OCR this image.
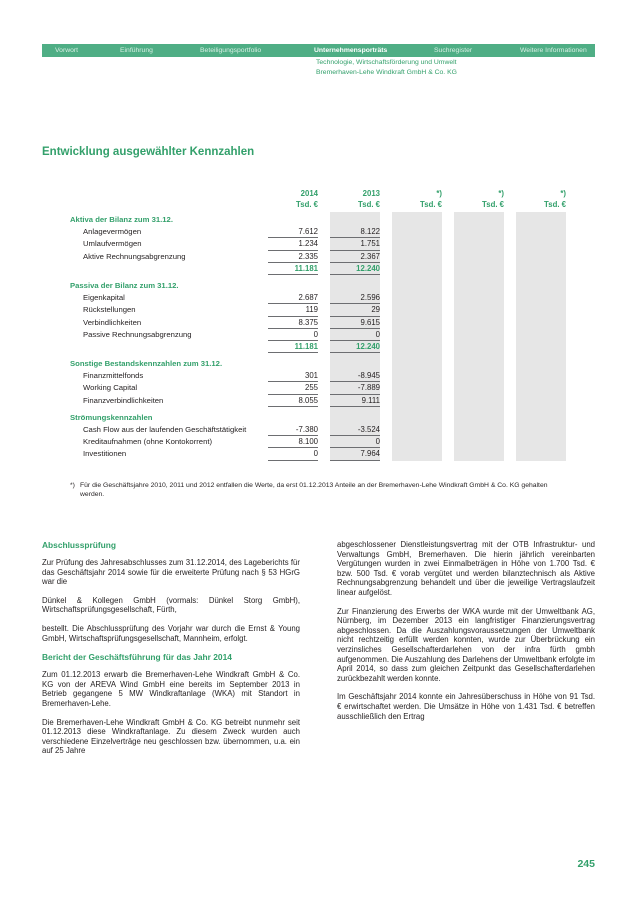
Vorwort	Einführung	Beteiligungsportfolio	Unternehmensporträts	Suchregister	Weitere Informationen
Technologie, Wirtschaftsförderung und Umwelt
Bremerhaven-Lehe Windkraft GmbH & Co. KG
Entwicklung ausgewählter Kennzahlen
2014	2013	*)	*)	*)
Tsd. €	Tsd. €	Tsd. €	Tsd. €	Tsd. €
Aktiva der Bilanz zum 31.12.
Anlagevermögen	7.612	8.122
Umlaufvermögen	1.234	1.751
Aktive Rechnungsabgrenzung	2.335	2.367
11.181	12.240
Passiva der Bilanz zum 31.12.
Eigenkapital	2.687	2.596
Rückstellungen	119	29
Verbindlichkeiten	8.375	9.615
Passive Rechnungsabgrenzung	0	0
11.181	12.240
Sonstige Bestandskennzahlen zum 31.12.
Finanzmittelfonds	301	-8.945
Working Capital	255	-7.889
Finanzverbindlichkeiten	8.055	9.111
Strömungskennzahlen
Cash Flow aus der laufenden Geschäftstätigkeit	-7.380	-3.524
Kreditaufnahmen (ohne Kontokorrent)	8.100	0
Investitionen	0	7.964
*) Für die Geschäftsjahre 2010, 2011 und 2012 entfallen die Werte, da erst 01.12.2013 Anteile an der Bremerhaven-Lehe Windkraft GmbH & Co. KG gehalten werden.
Abschlussprüfung

Zur Prüfung des Jahresabschlusses zum 31.12.2014, des Lageberichts für das Geschäftsjahr 2014 sowie für die erweiterte Prüfung nach § 53 HGrG war die

Dünkel & Kollegen GmbH (vormals: Dünkel Storg GmbH), Wirtschaftsprüfungsgesellschaft, Fürth,

bestellt. Die Abschlussprüfung des Vorjahr war durch die Ernst & Young GmbH, Wirtschaftsprüfungsgesellschaft, Mannheim, erfolgt.

Bericht der Geschäftsführung für das Jahr 2014

Zum 01.12.2013 erwarb die Bremerhaven-Lehe Windkraft GmbH & Co. KG von der AREVA Wind GmbH eine bereits im September 2013 in Betrieb gegangene 5 MW Windkraftanlage (WKA) mit Standort in Bremerhaven-Lehe.

Die Bremerhaven-Lehe Windkraft GmbH & Co. KG betreibt nunmehr seit 01.12.2013 diese Windkraftanlage. Zu diesem Zweck wurden auch verschiedene Einzelverträge neu geschlossen bzw. übernommen, u.a. ein auf 25 Jahre

abgeschlossener Dienstleistungsvertrag mit der OTB Infrastruktur- und Verwaltungs GmbH, Bremerhaven. Die hierin jährlich vereinbarten Vergütungen wurden in zwei Einmalbeträgen in Höhe von 1.700 Tsd. € bzw. 500 Tsd. € vorab vergütet und werden bilanztechnisch als Aktive Rechnungsabgrenzung behandelt und über die jeweilige Vertragslaufzeit linear aufgelöst.

Zur Finanzierung des Erwerbs der WKA wurde mit der Umweltbank AG, Nürnberg, im Dezember 2013 ein langfristiger Finanzierungsvertrag abgeschlossen. Da die Auszahlungsvoraussetzungen der Umweltbank nicht rechtzeitig erfüllt werden konnten, wurde zur Überbrückung ein verzinsliches Gesellschafterdarlehen von der infra fürth gmbh aufgenommen. Die Auszahlung des Darlehens der Umweltbank erfolgte im April 2014, so dass zum gleichen Zeitpunkt das Gesellschafterdarlehen zurückbezahlt werden konnte.

Im Geschäftsjahr 2014 konnte ein Jahresüberschuss in Höhe von 91 Tsd. € erwirtschaftet werden. Die Umsätze in Höhe von 1.431 Tsd. € betreffen ausschließlich den Ertrag

245
